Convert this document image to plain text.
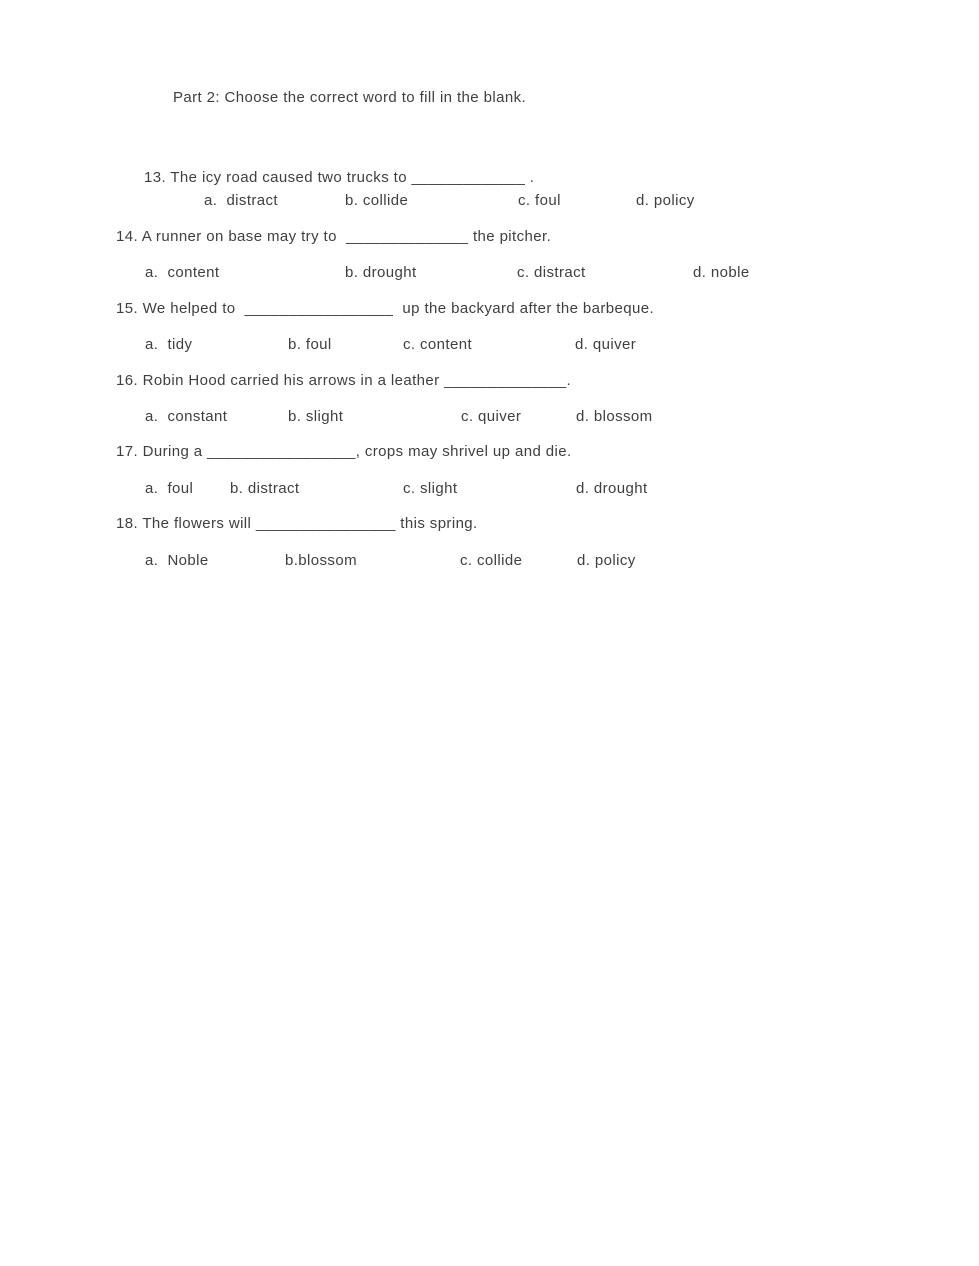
Part 2: Choose the correct word to fill in the blank.
13. The icy road caused two trucks to _____________ .
a.  distract	b. collide	c. foul	d. policy
14. A runner on base may try to  ______________ the pitcher.
a.  content	b. drought	c. distract	d. noble
15. We helped to  _________________  up the backyard after the barbeque.
a.  tidy	b. foul	c. content	d. quiver
16. Robin Hood carried his arrows in a leather ______________.
a.  constant	b. slight	c. quiver	d. blossom
17. During a _________________, crops may shrivel up and die.
a.  foul b. distract	c. slight	d. drought
18. The flowers will ________________ this spring.
a.  Noble	b.blossom	c. collide	d. policy
